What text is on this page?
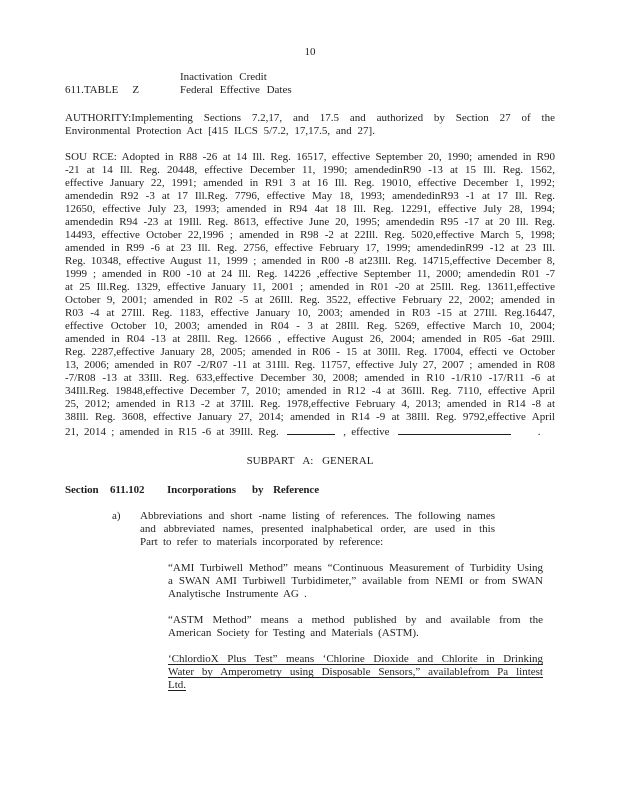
10
Inactivation Credit
611.TABLE Z	Federal Effective Dates

AUTHORITY:Implementing Sections 7.2,17, and 17.5 and authorized by Section 27 of the Environmental Protection Act [415 ILCS 5/7.2, 17,17.5, and 27].

SOU RCE: Adopted in R88 -26 at 14 Ill. Reg. 16517, effective September 20, 1990; amended in R90 -21 at 14 Ill. Reg. 20448, effective December 11, 1990; amendedinR90 -13 at 15 Ill. Reg. 1562, effective January 22, 1991; amended in R91 3 at 16 Ill. Reg. 19010, effective December 1, 1992; amendedin R92 -3 at 17 Ill.Reg. 7796, effective May 18, 1993; amendedinR93 -1 at 17 Ill. Reg. 12650, effective July 23, 1993; amended in R94 4at 18 Ill. Reg. 12291, effective July 28, 1994; amendedin R94 -23 at 19Ill. Reg. 8613, effective June 20, 1995; amendedin R95 -17 at 20 Ill. Reg. 14493, effective October 22,1996 ; amended in R98 -2 at 22Ill. Reg. 5020,effective March 5, 1998; amended in R99 -6 at 23 Ill. Reg. 2756, effective February 17, 1999; amendedinR99 -12 at 23 Ill. Reg. 10348, effective August 11, 1999 ; amended in R00 -8 at23Ill. Reg. 14715,effective December 8, 1999 ; amended in R00 -10 at 24 Ill. Reg. 14226 ,effective September 11, 2000; amendedin R01 -7 at 25 Ill.Reg. 1329, effective January 11, 2001 ; amended in R01 -20 at 25Ill. Reg. 13611,effective October 9, 2001; amended in R02 -5 at 26Ill. Reg. 3522, effective February 22, 2002; amended in R03 -4 at 27Ill. Reg. 1183, effective January 10, 2003; amended in R03 -15 at 27Ill. Reg.16447, effective October 10, 2003; amended in R04 - 3 at 28Ill. Reg. 5269, effective March 10, 2004; amended in R04 -13 at 28Ill. Reg. 12666 , effective August 26, 2004; amended in R05 -6at 29Ill. Reg. 2287,effective January 28, 2005; amended in R06 - 15 at 30Ill. Reg. 17004, effecti ve October 13, 2006; amended in R07 -2/R07 -11 at 31Ill. Reg. 11757, effective July 27, 2007 ; amended in R08 -7/R08 -13 at 33Ill. Reg. 633,effective December 30, 2008; amended in R10 -1/R10 -17/R11 -6 at 34Ill.Reg. 19848,effective December 7, 2010; amended in R12 -4 at 36Ill. Reg. 7110, effective April 25, 2012; amended in R13 -2 at 37Ill. Reg. 1978,effective February 4, 2013; amended in R14 -8 at 38Ill. Reg. 3608, effective January 27, 2014; amended in R14 -9 at 38Ill. Reg. 9792,effective April 21, 2014 ; amended in R15 -6 at 39Ill. Reg.	, effective	.

SUBPART A: GENERAL
Section 611.102 Incorporations by Reference
a)	Abbreviations and short -name listing of references. The following names and abbreviated names, presented inalphabetical order, are used in this Part to refer to materials incorporated by reference:

“AMI Turbiwell Method” means “Continuous Measurement of Turbidity Using a SWAN AMI Turbiwell Turbidimeter,” available from NEMI or from SWAN Analytische Instrumente AG .

“ASTM Method” means a method published by and available from the American Society for Testing and Materials (ASTM).

‘ChlordioX Plus Test” means ‘Chlorine Dioxide and Chlorite in Drinking Water by Amperometry using Disposable Sensors,” availablefrom Pa lintest Ltd.
